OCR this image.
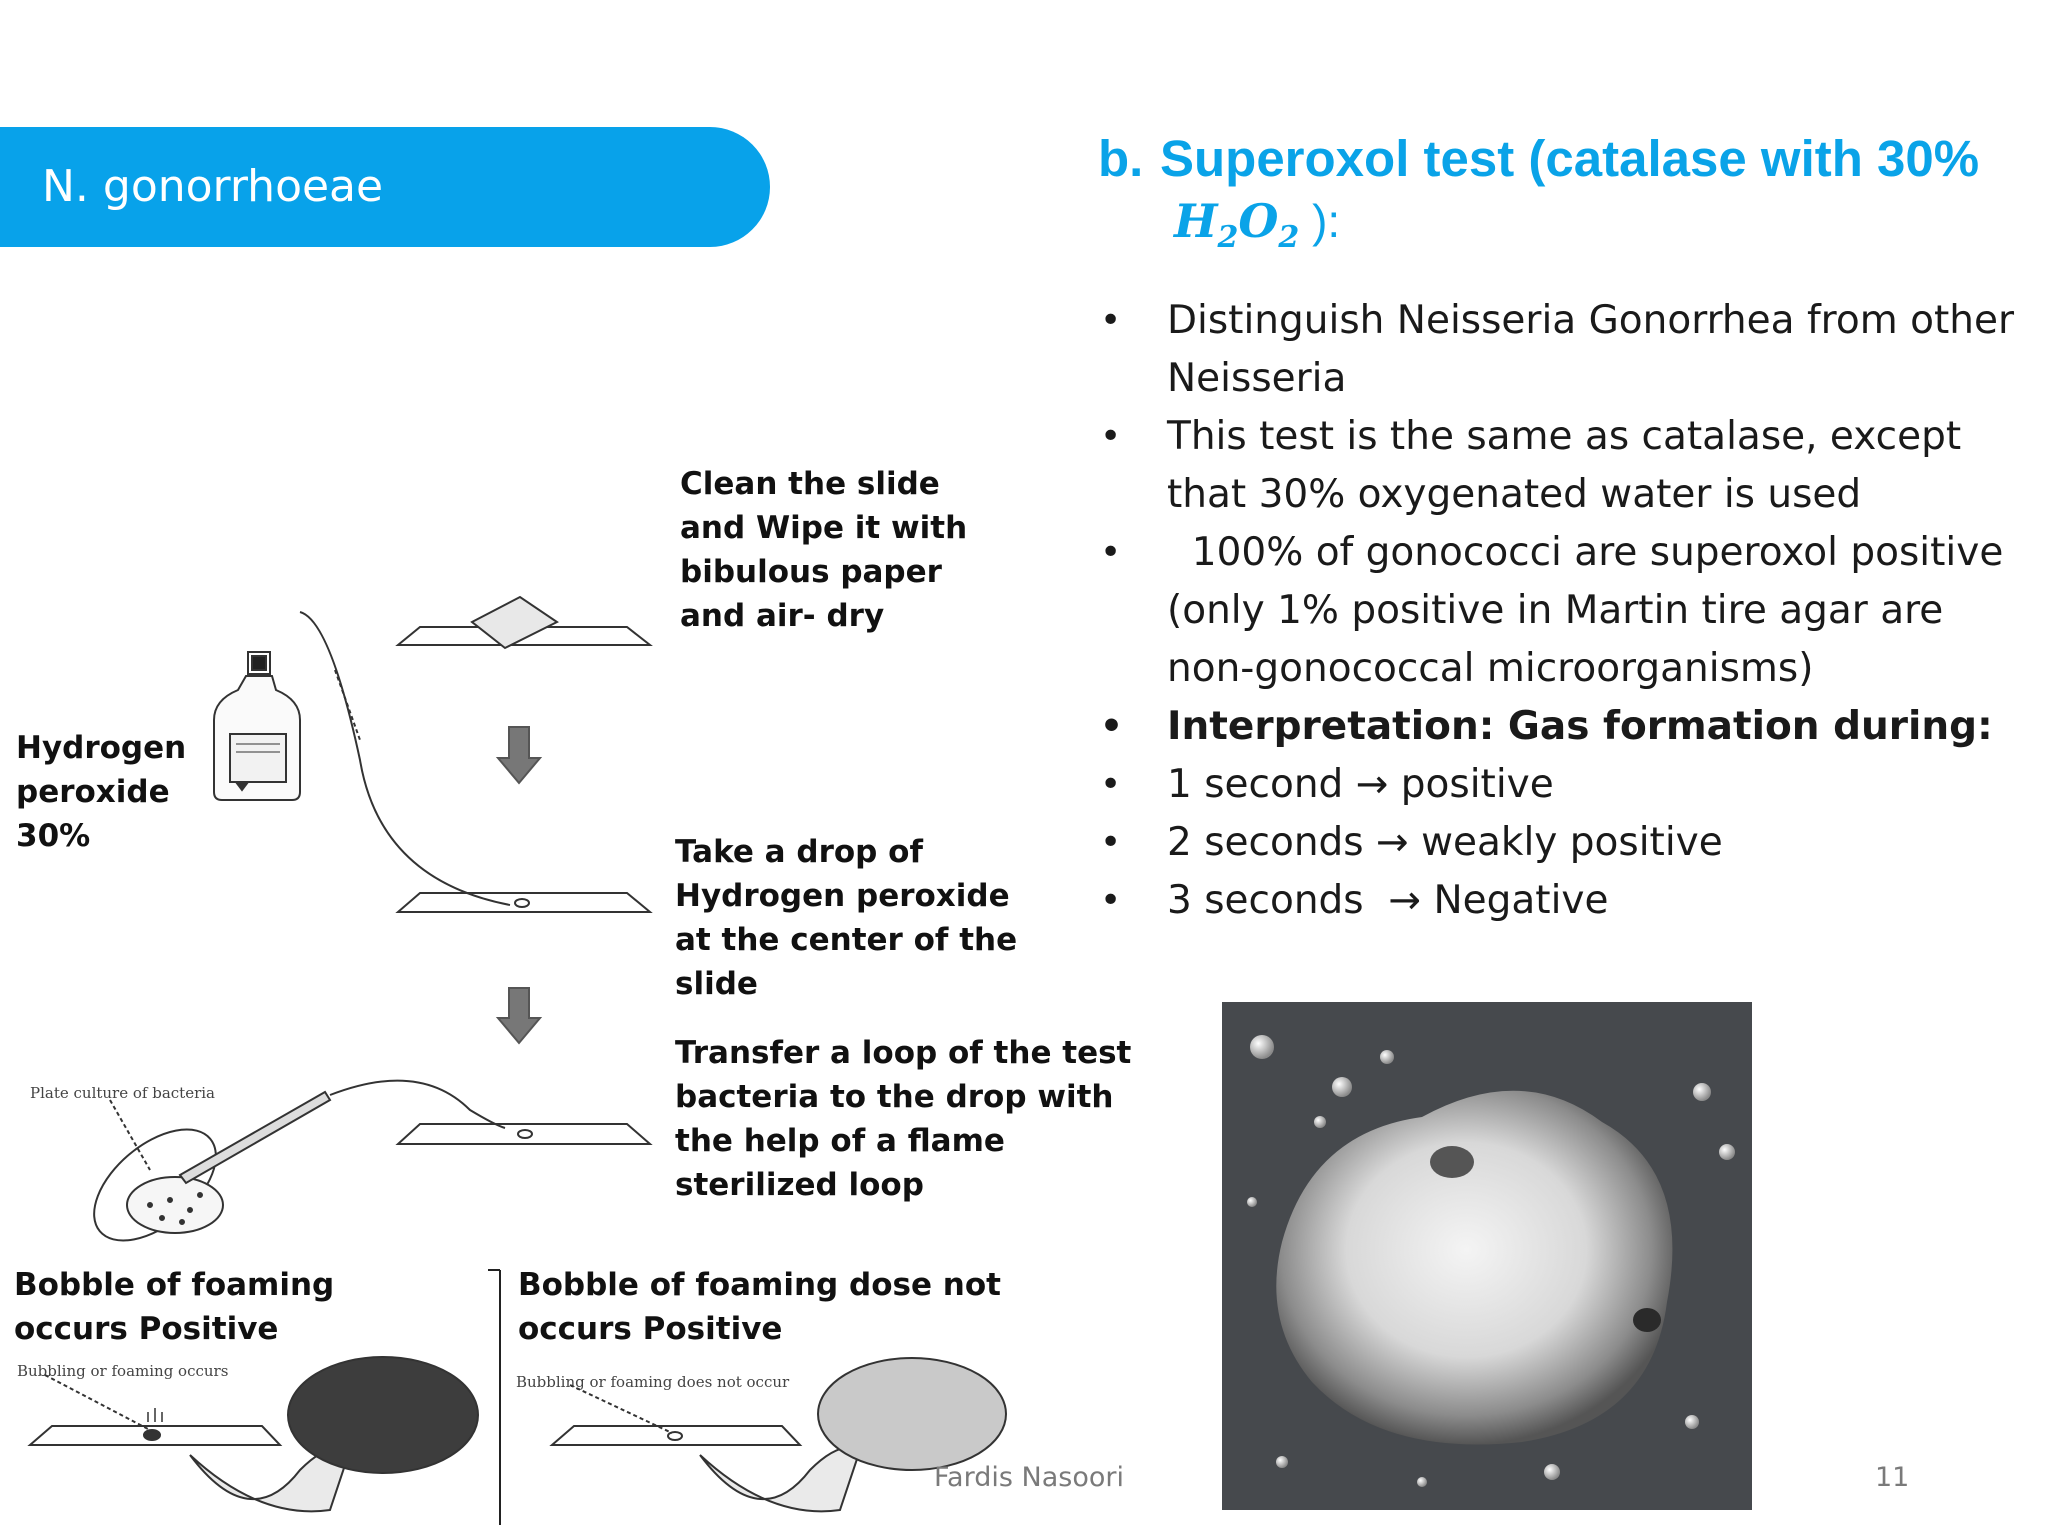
N. gonorrhoeae	b. Superoxol test (catalase with 30%
$H_2O_2$ ):
• Distinguish Neisseria Gonorrhea from other Neisseria
• This test is the same as catalase, except that 30% oxygenated water is used
• 100% of gonococci are superoxol positive (only 1% positive in Martin tire agar are non-gonococcal microorganisms)
• Interpretation: Gas formation during:
• 1 second → positive
• 2 seconds → weakly positive
• 3 seconds  → Negative
Clean the slide and Wipe it with bibulous paper and air- dry
Hydrogen peroxide 30%	Take a drop of Hydrogen peroxide at the center of the slide
Transfer a loop of the test bacteria to the drop with the help of a flame sterilized loop
Bobble of foaming occurs Positive
Bobble of foaming dose not occurs Positive
Plate culture of bacteria
Bubbling or foaming occurs
Bubbling or foaming does not occur
Fardis Nasoori	11
